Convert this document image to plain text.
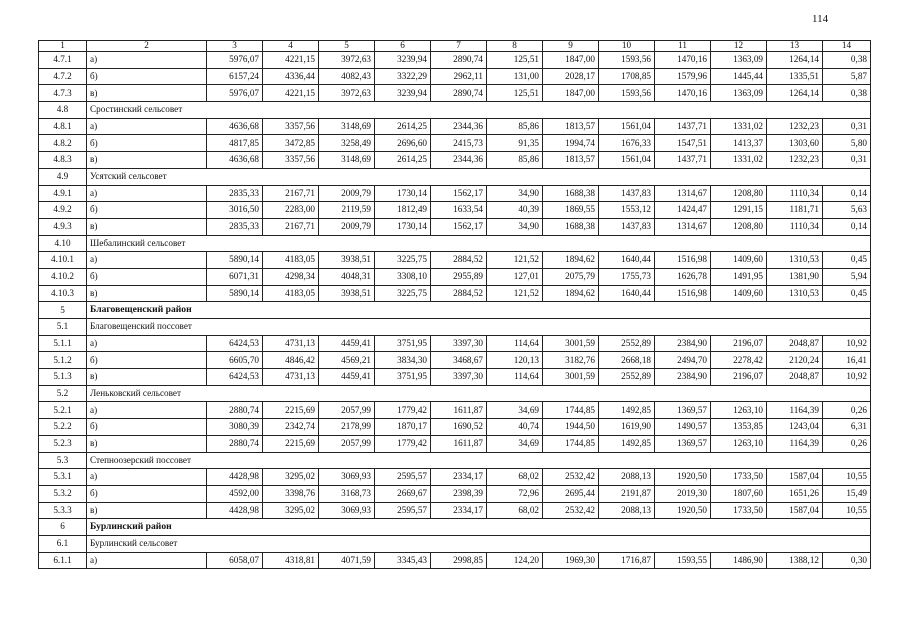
114
1	2	3	4	5	6	7	8	9	10	11	12	13	14
4.7.1	а)	5976,07	4221,15	3972,63	3239,94	2890,74	125,51	1847,00	1593,56	1470,16	1363,09	1264,14	0,38
4.7.2	б)	6157,24	4336,44	4082,43	3322,29	2962,11	131,00	2028,17	1708,85	1579,96	1445,44	1335,51	5,87
4.7.3	в)	5976,07	4221,15	3972,63	3239,94	2890,74	125,51	1847,00	1593,56	1470,16	1363,09	1264,14	0,38
4.8	Сростинский сельсовет												
4.8.1	а)	4636,68	3357,56	3148,69	2614,25	2344,36	85,86	1813,57	1561,04	1437,71	1331,02	1232,23	0,31
4.8.2	б)	4817,85	3472,85	3258,49	2696,60	2415,73	91,35	1994,74	1676,33	1547,51	1413,37	1303,60	5,80
4.8.3	в)	4636,68	3357,56	3148,69	2614,25	2344,36	85,86	1813,57	1561,04	1437,71	1331,02	1232,23	0,31
4.9	Усятский сельсовет												
4.9.1	а)	2835,33	2167,71	2009,79	1730,14	1562,17	34,90	1688,38	1437,83	1314,67	1208,80	1110,34	0,14
4.9.2	б)	3016,50	2283,00	2119,59	1812,49	1633,54	40,39	1869,55	1553,12	1424,47	1291,15	1181,71	5,63
4.9.3	в)	2835,33	2167,71	2009,79	1730,14	1562,17	34,90	1688,38	1437,83	1314,67	1208,80	1110,34	0,14
4.10	Шебалинский сельсовет												
4.10.1	а)	5890,14	4183,05	3938,51	3225,75	2884,52	121,52	1894,62	1640,44	1516,98	1409,60	1310,53	0,45
4.10.2	б)	6071,31	4298,34	4048,31	3308,10	2955,89	127,01	2075,79	1755,73	1626,78	1491,95	1381,90	5,94
4.10.3	в)	5890,14	4183,05	3938,51	3225,75	2884,52	121,52	1894,62	1640,44	1516,98	1409,60	1310,53	0,45
5	Благовещенский район												
5.1	Благовещенский поссовет												
5.1.1	а)	6424,53	4731,13	4459,41	3751,95	3397,30	114,64	3001,59	2552,89	2384,90	2196,07	2048,87	10,92
5.1.2	б)	6605,70	4846,42	4569,21	3834,30	3468,67	120,13	3182,76	2668,18	2494,70	2278,42	2120,24	16,41
5.1.3	в)	6424,53	4731,13	4459,41	3751,95	3397,30	114,64	3001,59	2552,89	2384,90	2196,07	2048,87	10,92
5.2	Леньковский сельсовет												
5.2.1	а)	2880,74	2215,69	2057,99	1779,42	1611,87	34,69	1744,85	1492,85	1369,57	1263,10	1164,39	0,26
5.2.2	б)	3080,39	2342,74	2178,99	1870,17	1690,52	40,74	1944,50	1619,90	1490,57	1353,85	1243,04	6,31
5.2.3	в)	2880,74	2215,69	2057,99	1779,42	1611,87	34,69	1744,85	1492,85	1369,57	1263,10	1164,39	0,26
5.3	Степноозерский поссовет												
5.3.1	а)	4428,98	3295,02	3069,93	2595,57	2334,17	68,02	2532,42	2088,13	1920,50	1733,50	1587,04	10,55
5.3.2	б)	4592,00	3398,76	3168,73	2669,67	2398,39	72,96	2695,44	2191,87	2019,30	1807,60	1651,26	15,49
5.3.3	в)	4428,98	3295,02	3069,93	2595,57	2334,17	68,02	2532,42	2088,13	1920,50	1733,50	1587,04	10,55
6	Бурлинский район												
6.1	Бурлинский сельсовет												
6.1.1	а)	6058,07	4318,81	4071,59	3345,43	2998,85	124,20	1969,30	1716,87	1593,55	1486,90	1388,12	0,30
